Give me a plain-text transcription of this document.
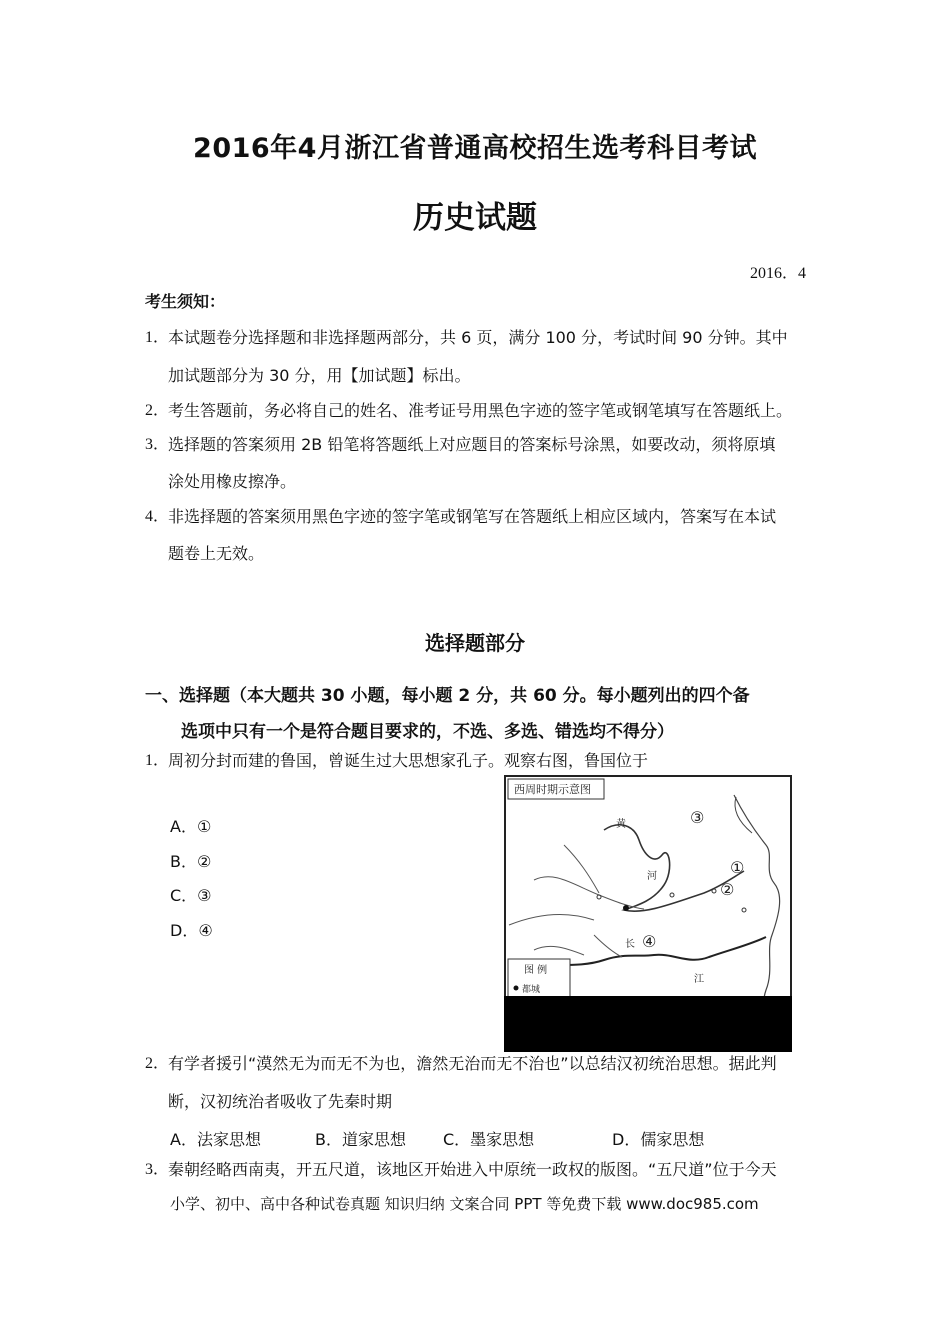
2016年4月浙江省普通高校招生选考科目考试
历史试题
2016．4
考生须知：
1．
本试题卷分选择题和非选择题两部分，共 6 页，满分 100 分，考试时间 90 分钟。其中
加试题部分为 30 分，用【加试题】标出。
2．
考生答题前，务必将自己的姓名、准考证号用黑色字迹的签字笔或钢笔填写在答题纸上。
3．
选择题的答案须用 2B 铅笔将答题纸上对应题目的答案标号涂黑，如要改动，须将原填
涂处用橡皮擦净。
4．
非选择题的答案须用黑色字迹的签字笔或钢笔写在答题纸上相应区域内，答案写在本试
题卷上无效。
选择题部分
一、选择题（本大题共 30 小题，每小题 2 分，共 60 分。每小题列出的四个备
选项中只有一个是符合题目要求的，不选、多选、错选均不得分）
1．
周初分封而建的鲁国，曾诞生过大思想家孔子。观察右图，鲁国位于
A．①
B．②
C．③
D．④
西周时期示意图
黄
河
长
江
③
①
②
④
图 例
都城
2．
有学者援引“漠然无为而无不为也，澹然无治而无不治也”以总结汉初统治思想。据此判
断，汉初统治者吸收了先秦时期
A．法家思想	B．道家思想 C．墨家思想	D．儒家思想
3．
秦朝经略西南夷，开五尺道，该地区开始进入中原统一政权的版图。“五尺道”位于今天
小学、初中、高中各种试卷真题 知识归纳 文案合同 PPT 等免费下载 www.doc985.com
